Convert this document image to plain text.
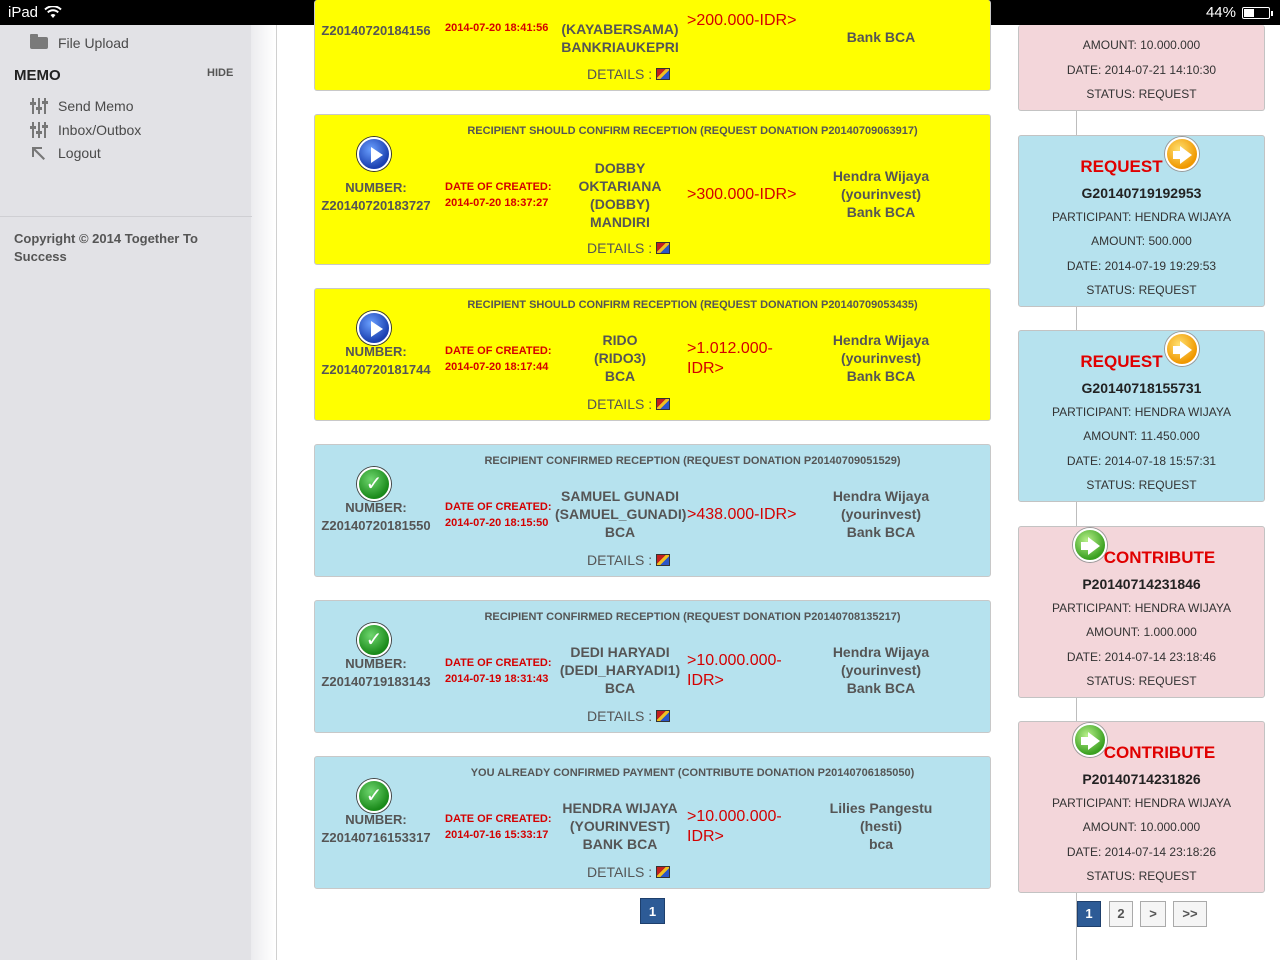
iPad	44%
File Upload
MEMO	HIDE
Send Memo
Inbox/Outbox
Logout
Copyright © 2014 Together To Success
Z20140720184156	2014-07-20 18:41:56 (KAYABERSAMA)
BANKRIAUKEPRI
>200.000-IDR>
Bank BCA
DETAILS :
RECIPIENT SHOULD CONFIRM RECEPTION (REQUEST DONATION P20140709063917)
NUMBER:
Z20140720183727
DATE OF CREATED:
2014-07-20 18:37:27
DOBBY
OKTARIANA
(DOBBY)
MANDIRI
>300.000-IDR>
Hendra Wijaya
(yourinvest)
Bank BCA
DETAILS :
RECIPIENT SHOULD CONFIRM RECEPTION (REQUEST DONATION P20140709053435)
NUMBER:
Z20140720181744
DATE OF CREATED:
2014-07-20 18:17:44
RIDO
(RIDO3)
BCA
>1.012.000-IDR>
Hendra Wijaya
(yourinvest)
Bank BCA
DETAILS :
RECIPIENT CONFIRMED RECEPTION (REQUEST DONATION P20140709051529)
✓
NUMBER:
Z20140720181550
DATE OF CREATED:
2014-07-20 18:15:50
SAMUEL GUNADI
(SAMUEL_GUNADI)
BCA
>438.000-IDR>
Hendra Wijaya
(yourinvest)
Bank BCA
DETAILS :
RECIPIENT CONFIRMED RECEPTION (REQUEST DONATION P20140708135217)
✓
NUMBER:
Z20140719183143
DATE OF CREATED:
2014-07-19 18:31:43
DEDI HARYADI
(DEDI_HARYADI1)
BCA
>10.000.000-IDR>
Hendra Wijaya
(yourinvest)
Bank BCA
DETAILS :
YOU ALREADY CONFIRMED PAYMENT (CONTRIBUTE DONATION P20140706185050)
✓
NUMBER:
Z20140716153317
DATE OF CREATED:
2014-07-16 15:33:17
HENDRA WIJAYA
(YOURINVEST)
BANK BCA
>10.000.000-IDR>
Lilies Pangestu
(hesti)
bca
DETAILS :
1
AMOUNT: 10.000.000
DATE: 2014-07-21 14:10:30
STATUS: REQUEST
REQUEST
G20140719192953
PARTICIPANT: HENDRA WIJAYA
AMOUNT: 500.000
DATE: 2014-07-19 19:29:53
STATUS: REQUEST
REQUEST
G20140718155731
PARTICIPANT: HENDRA WIJAYA
AMOUNT: 11.450.000
DATE: 2014-07-18 15:57:31
STATUS: REQUEST
CONTRIBUTE
P20140714231846
PARTICIPANT: HENDRA WIJAYA
AMOUNT: 1.000.000
DATE: 2014-07-14 23:18:46
STATUS: REQUEST
CONTRIBUTE
P20140714231826
PARTICIPANT: HENDRA WIJAYA
AMOUNT: 10.000.000
DATE: 2014-07-14 23:18:26
STATUS: REQUEST
1	2	>	>>
